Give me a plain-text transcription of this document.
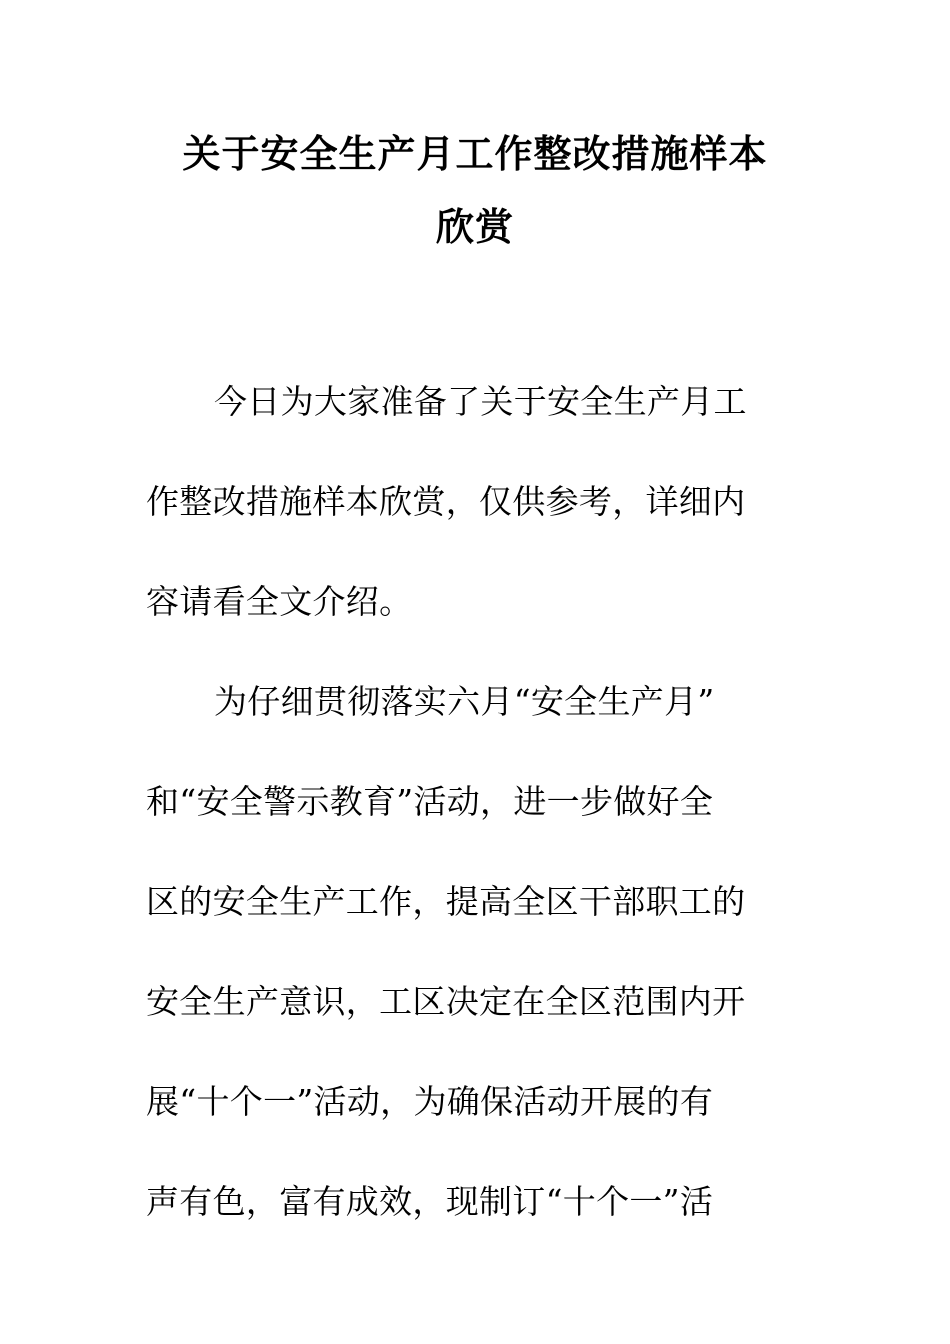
关于安全生产月工作整改措施样本
欣赏
今日为大家准备了关于安全生产月工
作整改措施样本欣赏，仅供参考，详细内
容请看全文介绍。
为仔细贯彻落实六月“安全生产月”
和“安全警示教育”活动，进一步做好全
区的安全生产工作，提高全区干部职工的
安全生产意识，工区决定在全区范围内开
展“十个一”活动，为确保活动开展的有
声有色，富有成效，现制订“十个一”活
